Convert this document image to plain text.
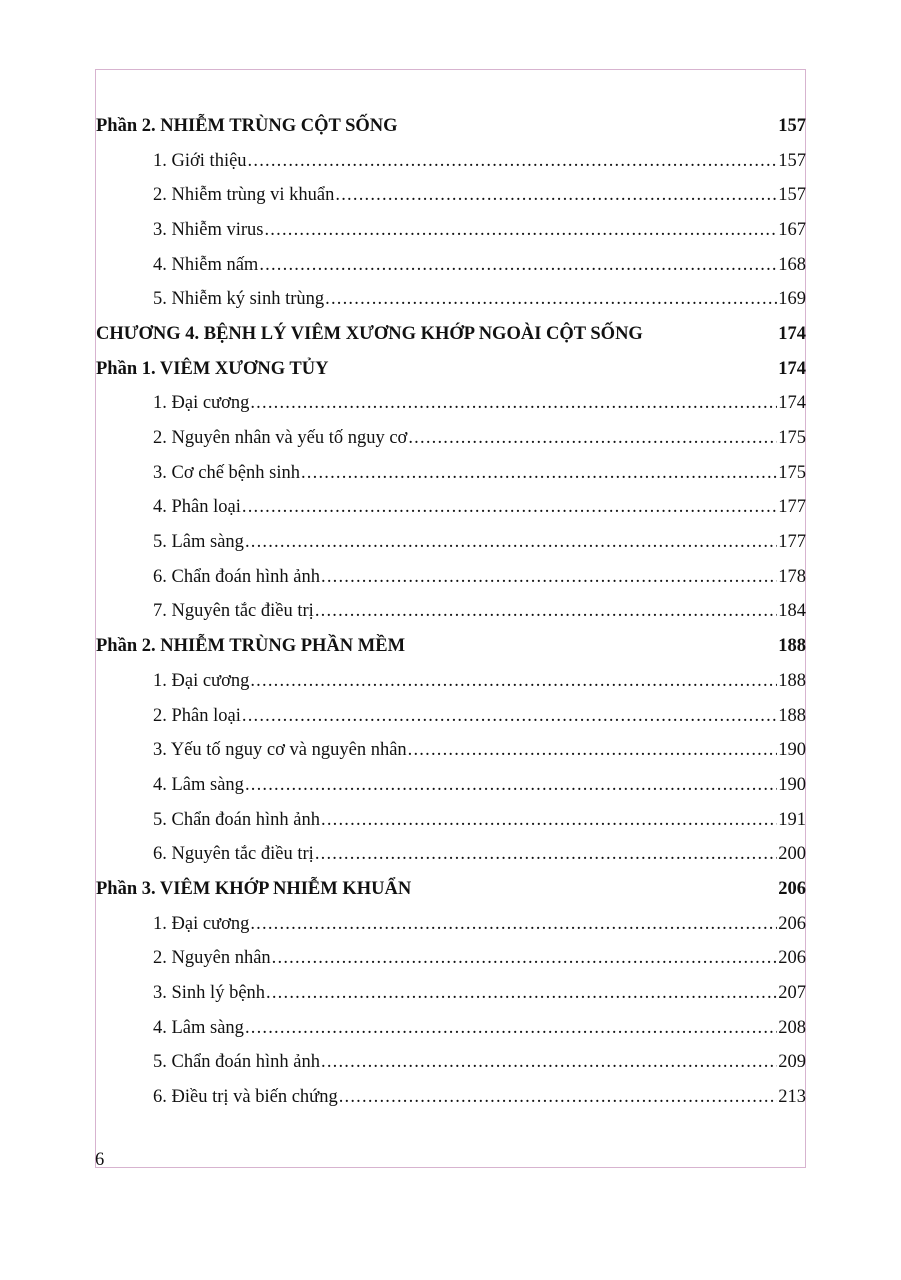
Phần 2. NHIỄM TRÙNG CỘT SỐNG	157
1. Giới thiệu .....	157
2. Nhiễm trùng vi khuẩn .....	157
3. Nhiễm virus .....	167
4. Nhiễm nấm .....	168
5. Nhiễm ký sinh trùng .....	169
CHƯƠNG 4. BỆNH LÝ VIÊM XƯƠNG KHỚP NGOÀI CỘT SỐNG	174
Phần 1. VIÊM XƯƠNG TỦY	174
1. Đại cương .....	174
2. Nguyên nhân và yếu tố nguy cơ .....	175
3. Cơ chế bệnh sinh .....	175
4. Phân loại .....	177
5. Lâm sàng .....	177
6. Chẩn đoán hình ảnh .....	178
7. Nguyên tắc điều trị .....	184
Phần 2. NHIỄM TRÙNG PHẦN MỀM	188
1. Đại cương .....	188
2. Phân loại .....	188
3. Yếu tố nguy cơ và nguyên nhân .....	190
4. Lâm sàng .....	190
5. Chẩn đoán hình ảnh .....	191
6. Nguyên tắc điều trị .....	200
Phần 3. VIÊM KHỚP NHIỄM KHUẨN	206
1. Đại cương .....	206
2. Nguyên nhân .....	206
3. Sinh lý bệnh .....	207
4. Lâm sàng .....	208
5. Chẩn đoán hình ảnh .....	209
6. Điều trị và biến chứng .....	213
6
